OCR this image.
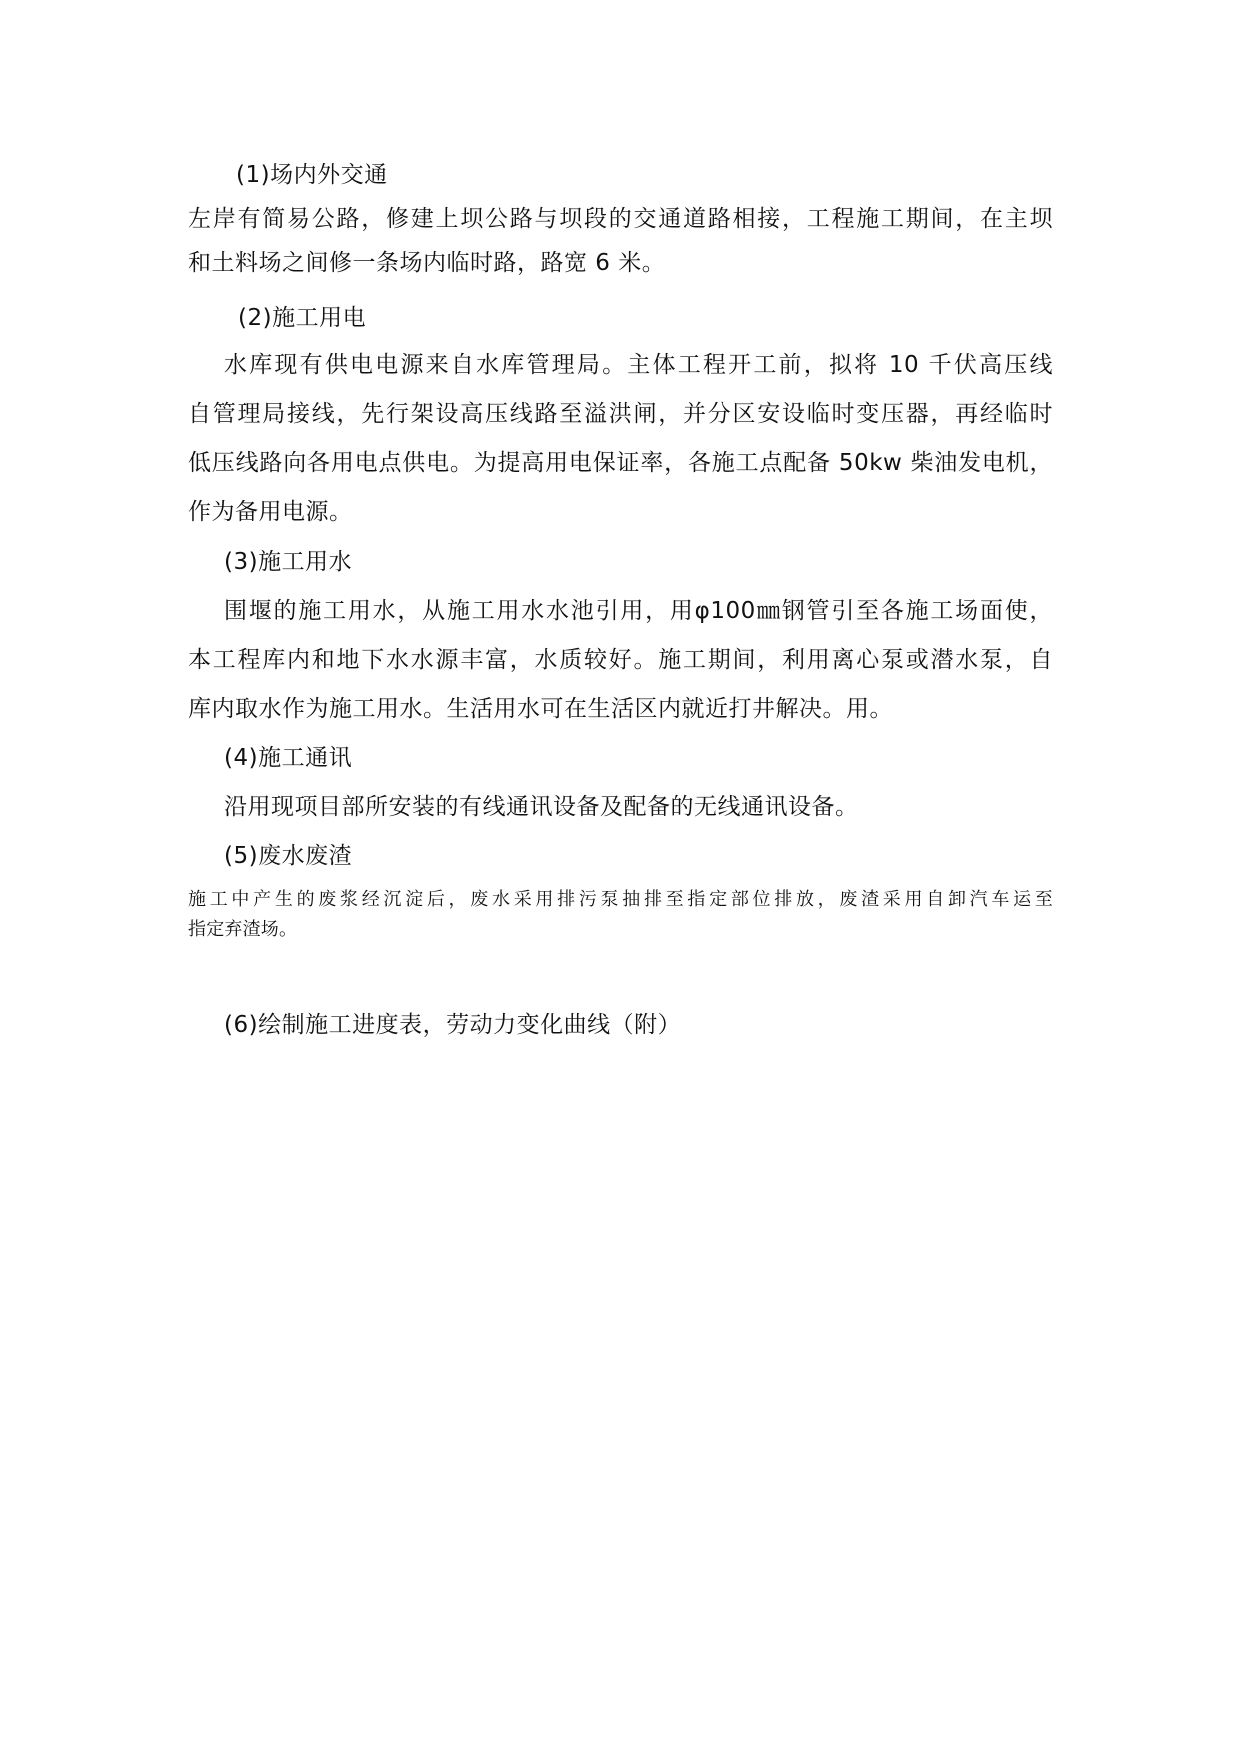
(1)场内外交通

左岸有简易公路，修建上坝公路与坝段的交通道路相接，工程施工期间，在主坝

和土料场之间修一条场内临时路，路宽 6 米。

(2)施工用电

水库现有供电电源来自水库管理局。主体工程开工前，拟将 10 千伏高压线

自管理局接线，先行架设高压线路至溢洪闸，并分区安设临时变压器，再经临时

低压线路向各用电点供电。为提高用电保证率，各施工点配备 50kw 柴油发电机，

作为备用电源。

(3)施工用水

围堰的施工用水，从施工用水水池引用，用φ100㎜钢管引至各施工场面使，

本工程库内和地下水水源丰富，水质较好。施工期间，利用离心泵或潜水泵，自

库内取水作为施工用水。生活用水可在生活区内就近打井解决。用。

(4)施工通讯

沿用现项目部所安装的有线通讯设备及配备的无线通讯设备。

(5)废水废渣

施工中产生的废浆经沉淀后，废水采用排污泵抽排至指定部位排放，废渣采用自卸汽车运至

指定弃渣场。

(6)绘制施工进度表，劳动力变化曲线（附）
